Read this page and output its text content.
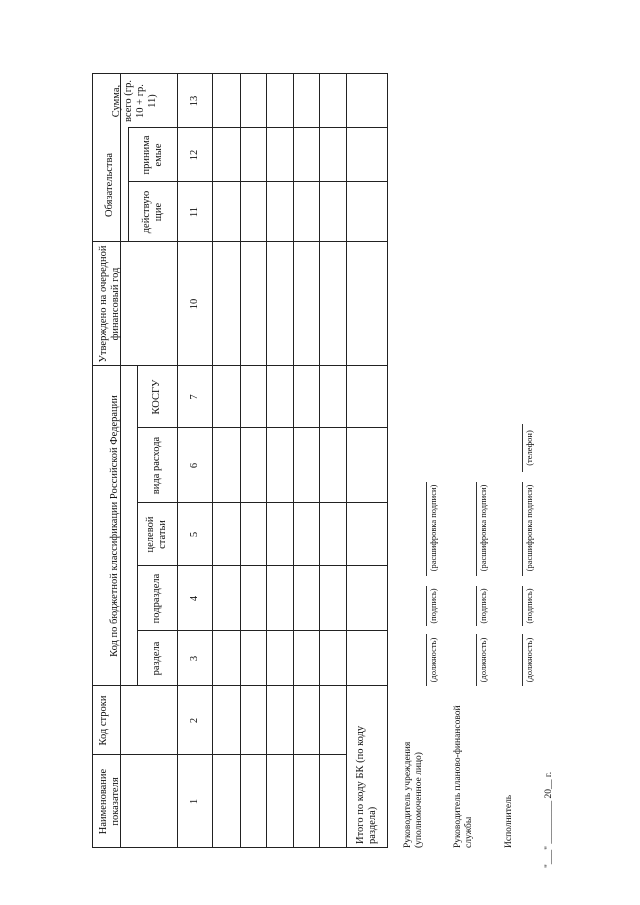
Наименование показателя
Код строки
Код по бюджетной классификации Российской Федерации
раздела
подраздела
целевой статьи
вида расхода
КОСГУ
Утверждено на очередной финансовый год
Обязательства	действую щие
принима емые
Сумма, всего (гр. 10 + гр. 11)
1
2
3
4
5
6
7
10
11
12
13
Итого по коду БК (по коду раздела)	Руководитель учреждения (уполномоченное лицо)
(должность)
(подпись)
(расшифровка подписи)
Руководитель планово-финансовой службы
(должность)
(подпись)
(расшифровка подписи)
Исполнитель
(должность)
(подпись)
(расшифровка подписи)
(телефон)
"___" _________ 20__ г.
